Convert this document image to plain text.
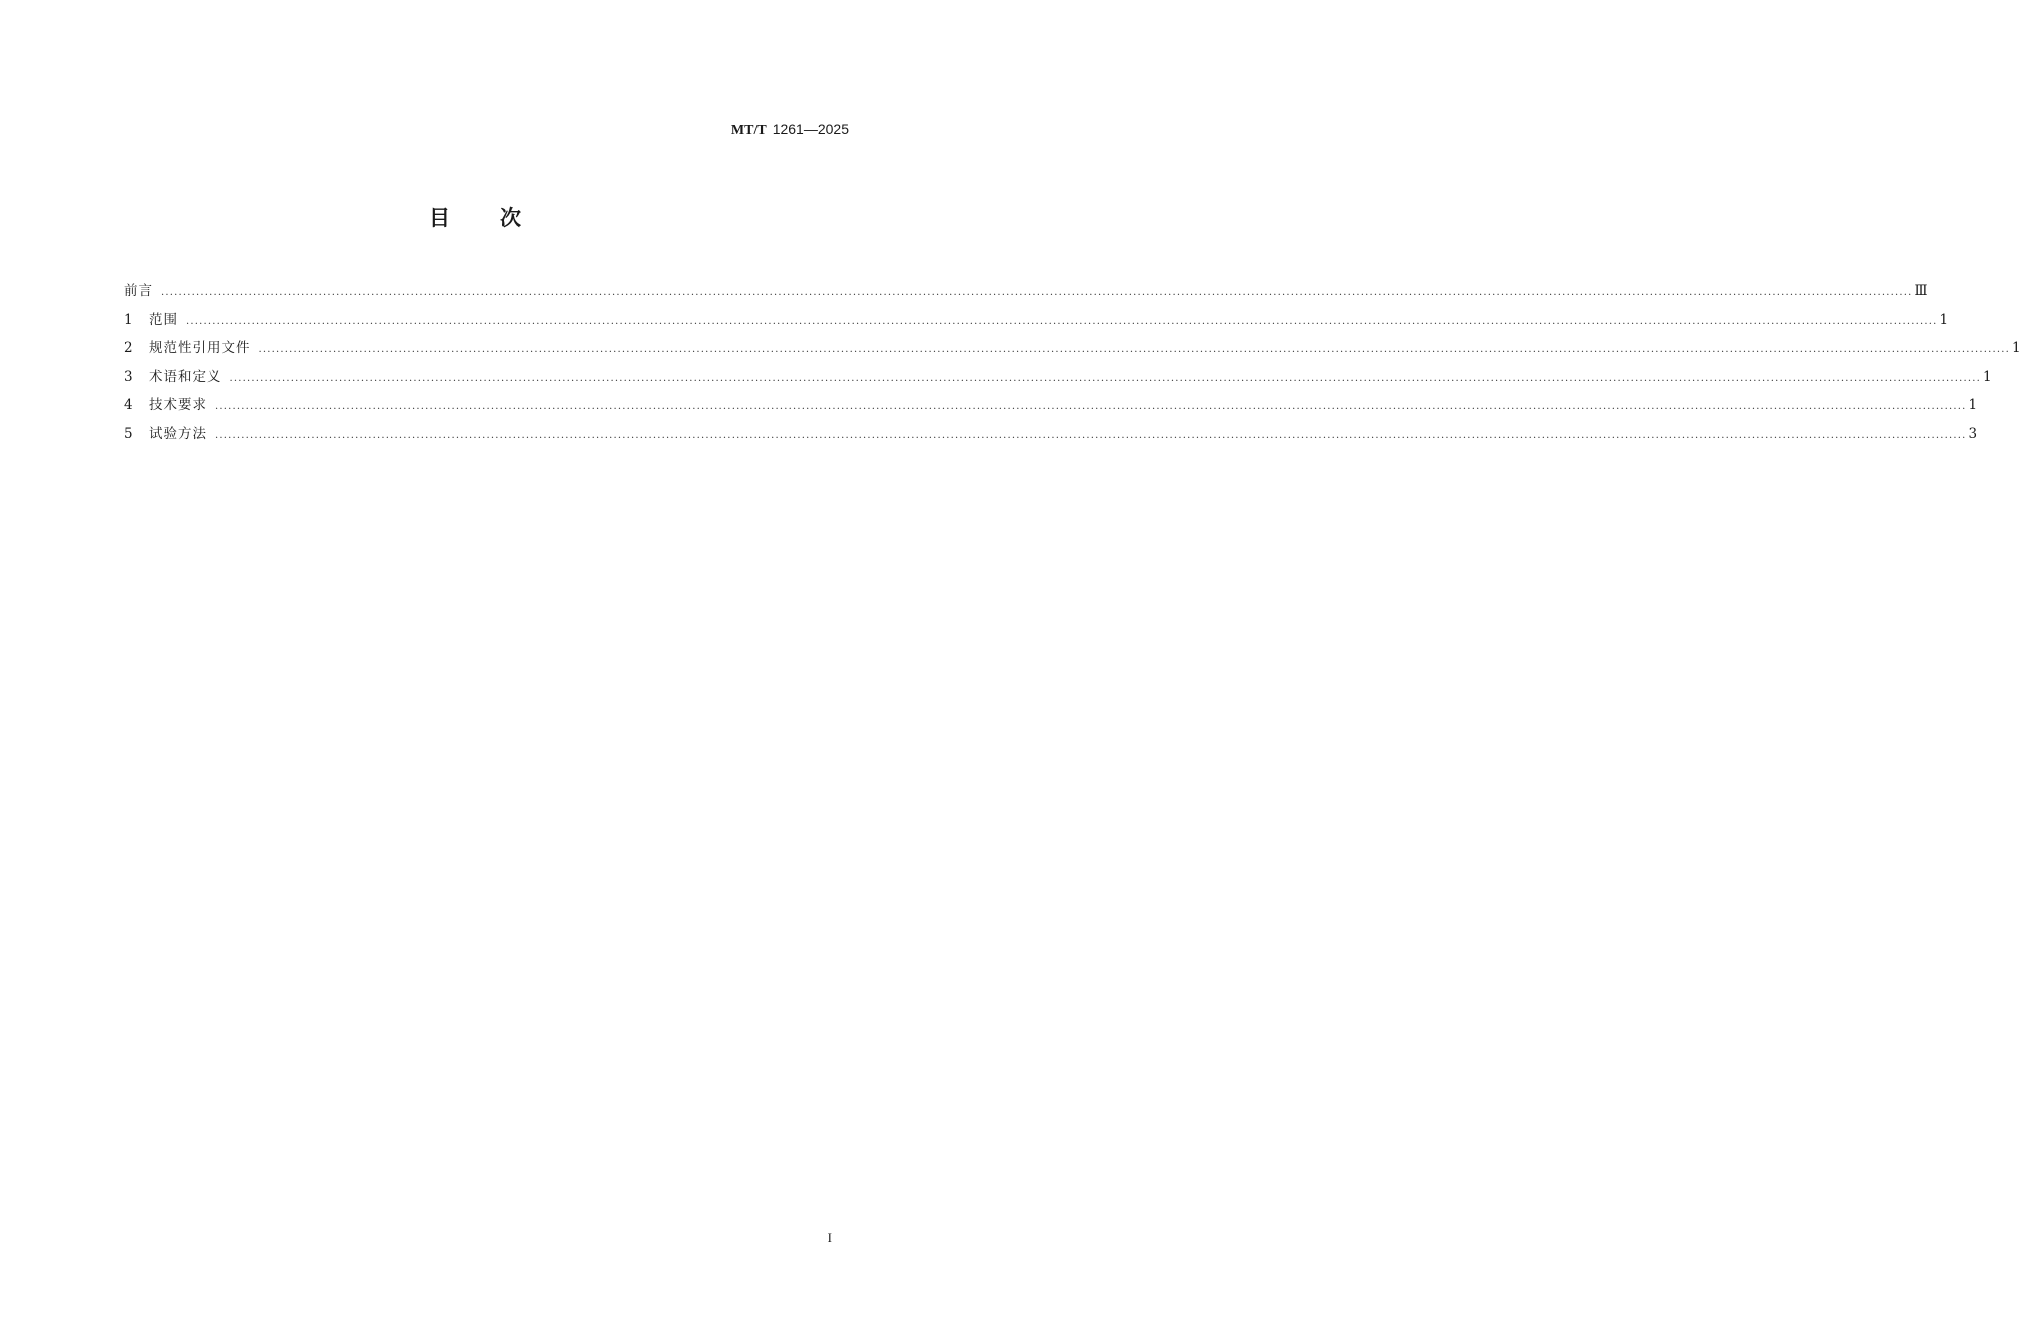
MT/T 1261—2025
目次
前言 ................................................................................................................................................................................................................................................................................................................................................................................................................ Ⅲ
1	范围 ................................................................................................................................................................................................................................................................................................................................................................................................................ 1
2	规范性引用文件 ................................................................................................................................................................................................................................................................................................................................................................................................................ 1
3	术语和定义 ................................................................................................................................................................................................................................................................................................................................................................................................................ 1
4	技术要求 ................................................................................................................................................................................................................................................................................................................................................................................................................ 1
5	试验方法 ................................................................................................................................................................................................................................................................................................................................................................................................................ 3
I
